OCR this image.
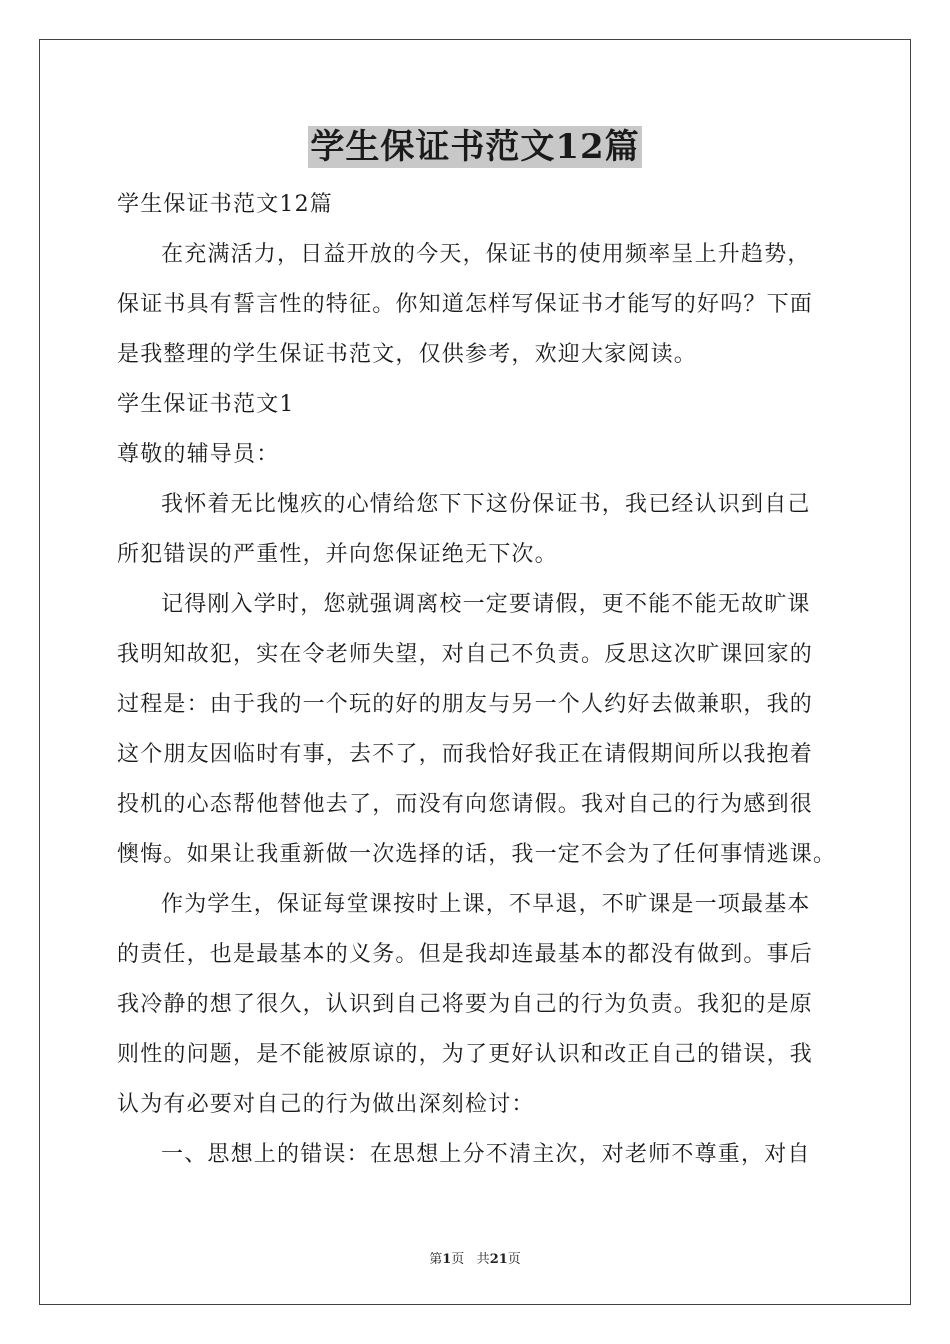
学生保证书范文12篇
学生保证书范文12篇
在充满活力，日益开放的今天，保证书的使用频率呈上升趋势，
保证书具有誓言性的特征。你知道怎样写保证书才能写的好吗？下面
是我整理的学生保证书范文，仅供参考，欢迎大家阅读。
学生保证书范文1
尊敬的辅导员：
我怀着无比愧疚的心情给您下下这份保证书，我已经认识到自己
所犯错误的严重性，并向您保证绝无下次。
记得刚入学时，您就强调离校一定要请假，更不能不能无故旷课
我明知故犯，实在令老师失望，对自己不负责。反思这次旷课回家的
过程是：由于我的一个玩的好的朋友与另一个人约好去做兼职，我的
这个朋友因临时有事，去不了，而我恰好我正在请假期间所以我抱着
投机的心态帮他替他去了，而没有向您请假。我对自己的行为感到很
懊悔。如果让我重新做一次选择的话，我一定不会为了任何事情逃课。
作为学生，保证每堂课按时上课，不早退，不旷课是一项最基本
的责任，也是最基本的义务。但是我却连最基本的都没有做到。事后
我冷静的想了很久，认识到自己将要为自己的行为负责。我犯的是原
则性的问题，是不能被原谅的，为了更好认识和改正自己的错误，我
认为有必要对自己的行为做出深刻检讨：
一、思想上的错误：在思想上分不清主次，对老师不尊重，对自
第1页 共21页
